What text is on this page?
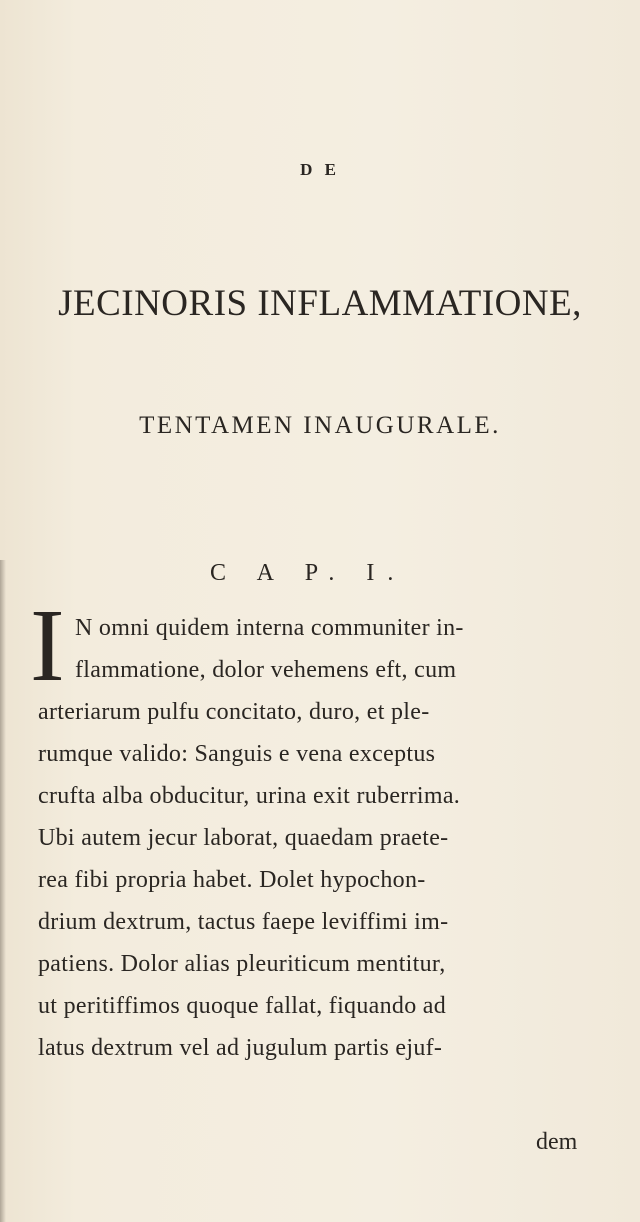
D E
JECINORIS INFLAMMATIONE,
TENTAMEN INAUGURALE.
C A P. I.
I N omni quidem interna communiter in-
flammatione, dolor vehemens eft, cum
arteriarum pulfu concitato, duro, et ple-
rumque valido: Sanguis e vena exceptus
crufta alba obducitur, urina exit ruberrima.
Ubi autem jecur laborat, quaedam praete-
rea fibi propria habet. Dolet hypochon-
drium dextrum, tactus faepe leviffimi im-
patiens. Dolor alias pleuriticum mentitur,
ut peritiffimos quoque fallat, fiquando ad
latus dextrum vel ad jugulum partis ejuf-
dem
